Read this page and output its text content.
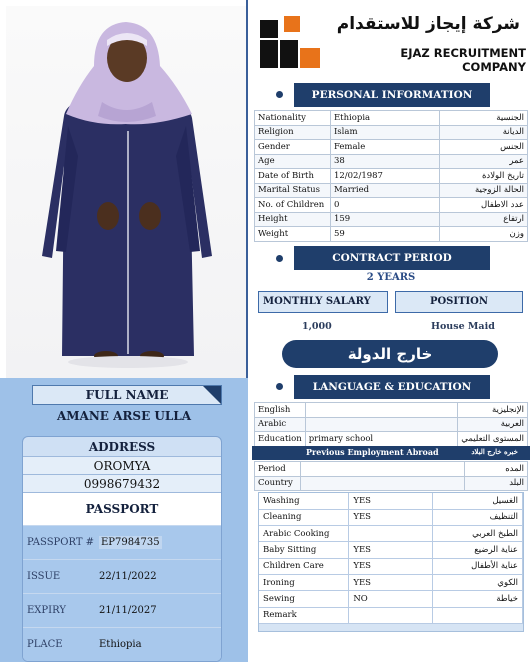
FULL NAME
AMANE ARSE ULLA
ADDRESS
OROMYA
0998679432
PASSPORT
PASSPORT # EP7984735
ISSUE	22/11/2022
EXPIRY	21/11/2027
PLACE	Ethiopia
شركة إيجاز للاستقدام
EJAZ RECRUITMENT COMPANY
PERSONAL INFORMATION
Nationality	Ethiopia	الجنسية
Religion	Islam	الديانة
Gender	Female	الجنس
Age	38	عمر
Date of Birth	12/02/1987	تاريخ الولادة
Marital Status	Married	الحالة الزوجية
No. of Children	0	عدد الاطفال
Height	159	ارتفاع
Weight	59	وزن
CONTRACT PERIOD
2 YEARS
MONTHLY SALARY	POSITION
1,000	House Maid
خارج الدولة
LANGUAGE & EDUCATION
English		الإنجليزية
Arabic		العربية
Education	primary school	المستوى التعليمي
Previous Employment Abroad	خبره خارج البلاد
Period		المده
Country		البلد
Washing	YES	الغسيل
Cleaning	YES	التنظيف
Arabic Cooking		الطبخ العربي
Baby Sitting	YES	عناية الرضيع
Children Care	YES	عناية الأطفال
Ironing	YES	الكوي
Sewing	NO	خياطة
Remark		
